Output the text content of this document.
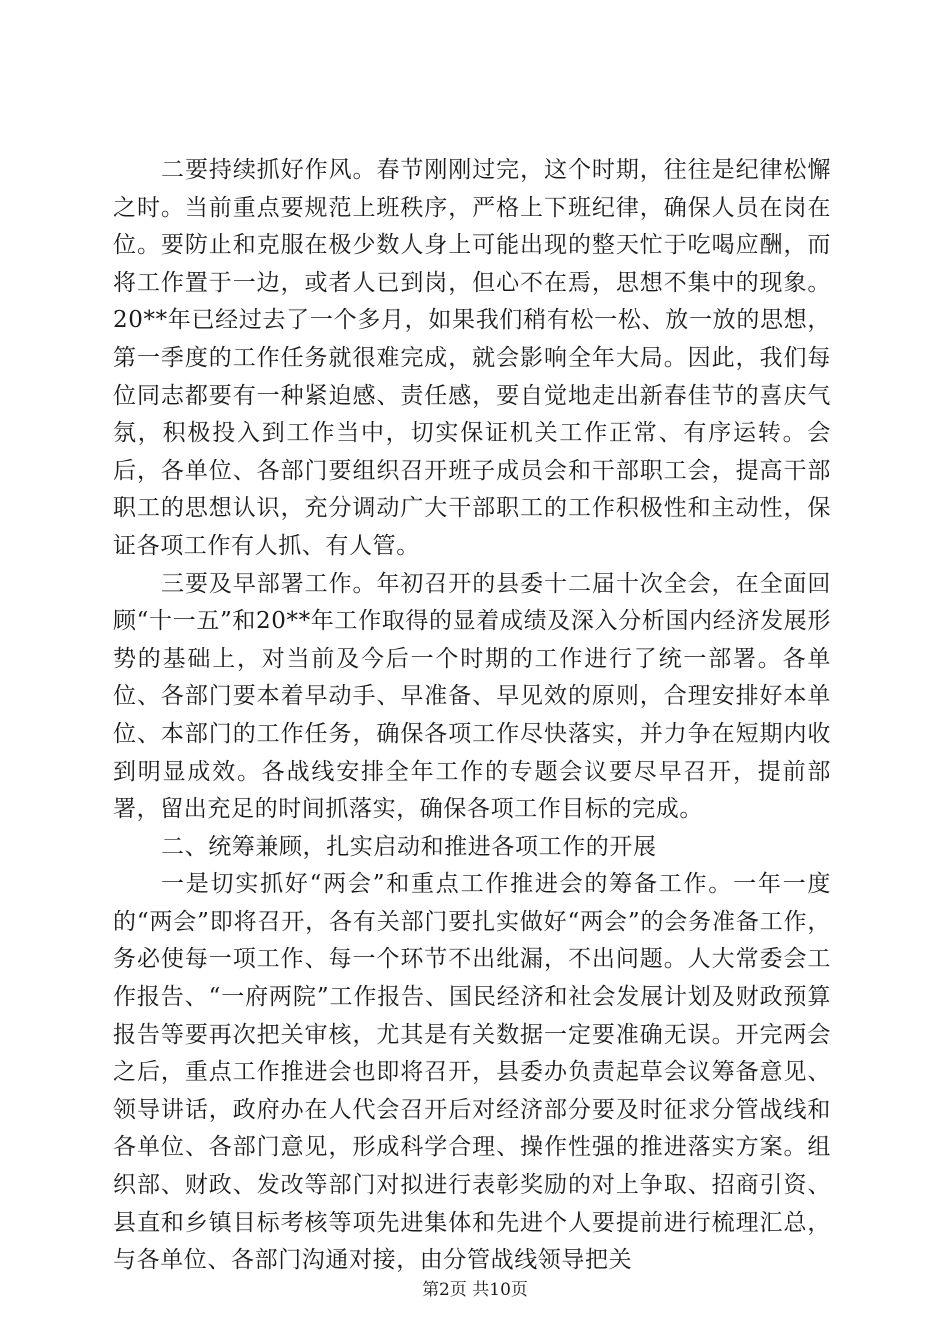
二要持续抓好作风。春节刚刚过完，这个时期，往往是纪律松懈之时。当前重点要规范上班秩序，严格上下班纪律，确保人员在岗在位。要防止和克服在极少数人身上可能出现的整天忙于吃喝应酬，而将工作置于一边，或者人已到岗，但心不在焉，思想不集中的现象。20**年已经过去了一个多月，如果我们稍有松一松、放一放的思想，第一季度的工作任务就很难完成，就会影响全年大局。因此，我们每位同志都要有一种紧迫感、责任感，要自觉地走出新春佳节的喜庆气氛，积极投入到工作当中，切实保证机关工作正常、有序运转。会后，各单位、各部门要组织召开班子成员会和干部职工会，提高干部职工的思想认识，充分调动广大干部职工的工作积极性和主动性，保证各项工作有人抓、有人管。

三要及早部署工作。年初召开的县委十二届十次全会，在全面回顾“十一五”和20**年工作取得的显着成绩及深入分析国内经济发展形势的基础上，对当前及今后一个时期的工作进行了统一部署。各单位、各部门要本着早动手、早准备、早见效的原则，合理安排好本单位、本部门的工作任务，确保各项工作尽快落实，并力争在短期内收到明显成效。各战线安排全年工作的专题会议要尽早召开，提前部署，留出充足的时间抓落实，确保各项工作目标的完成。

二、统筹兼顾，扎实启动和推进各项工作的开展

一是切实抓好“两会”和重点工作推进会的筹备工作。一年一度的“两会”即将召开，各有关部门要扎实做好“两会”的会务准备工作，务必使每一项工作、每一个环节不出纰漏，不出问题。人大常委会工作报告、“一府两院”工作报告、国民经济和社会发展计划及财政预算报告等要再次把关审核，尤其是有关数据一定要准确无误。开完两会之后，重点工作推进会也即将召开，县委办负责起草会议筹备意见、领导讲话，政府办在人代会召开后对经济部分要及时征求分管战线和各单位、各部门意见，形成科学合理、操作性强的推进落实方案。组织部、财政、发改等部门对拟进行表彰奖励的对上争取、招商引资、县直和乡镇目标考核等项先进集体和先进个人要提前进行梳理汇总，与各单位、各部门沟通对接，由分管战线领导把关

第2页 共10页
